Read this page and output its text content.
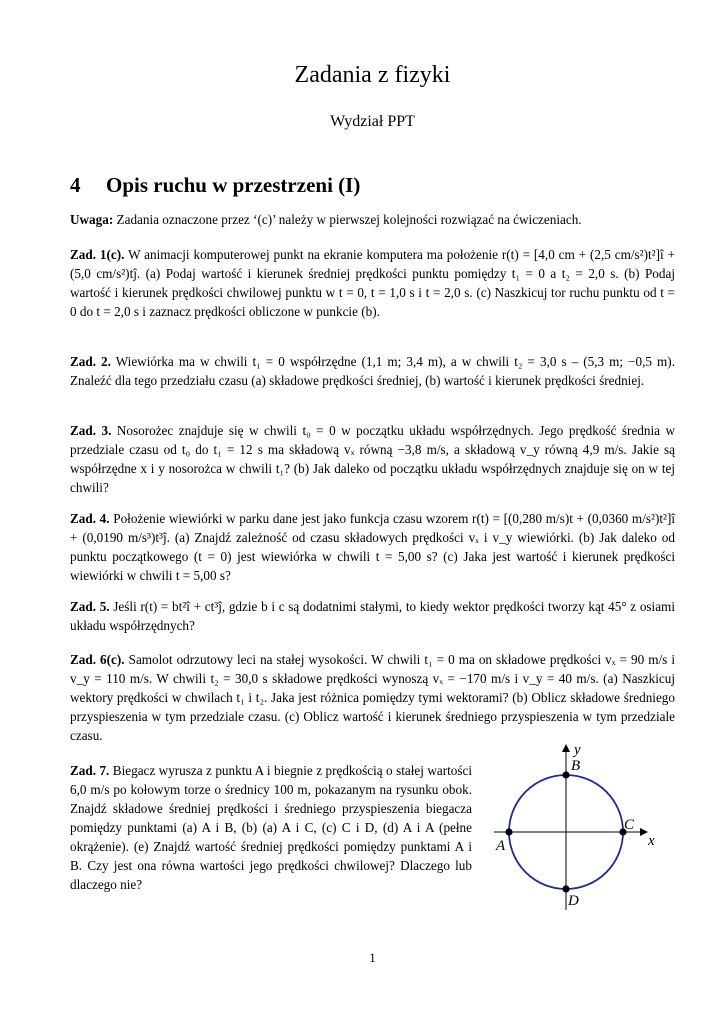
Zadania z fizyki
Wydział PPT
4 Opis ruchu w przestrzeni (I)
Uwaga: Zadania oznaczone przez ‘(c)’ należy w pierwszej kolejności rozwiązać na ćwiczeniach.
Zad. 1(c). W animacji komputerowej punkt na ekranie komputera ma położenie r(t) = [4,0 cm + (2,5 cm/s²)t²]î + (5,0 cm/s²)tĵ. (a) Podaj wartość i kierunek średniej prędkości punktu pomiędzy t₁ = 0 a t₂ = 2,0 s. (b) Podaj wartość i kierunek prędkości chwilowej punktu w t = 0, t = 1,0 s i t = 2,0 s. (c) Naszkicuj tor ruchu punktu od t = 0 do t = 2,0 s i zaznacz prędkości obliczone w punkcie (b).
Zad. 2. Wiewiórka ma w chwili t₁ = 0 współrzędne (1,1 m; 3,4 m), a w chwili t₂ = 3,0 s – (5,3 m; −0,5 m). Znaleźć dla tego przedziału czasu (a) składowe prędkości średniej, (b) wartość i kierunek prędkości średniej.
Zad. 3. Nosorożec znajduje się w chwili t₀ = 0 w początku układu współrzędnych. Jego prędkość średnia w przedziale czasu od t₀ do t₁ = 12 s ma składową vₓ równą −3,8 m/s, a składową v_y równą 4,9 m/s. Jakie są współrzędne x i y nosorożca w chwili t₁? (b) Jak daleko od początku układu współrzędnych znajduje się on w tej chwili?
Zad. 4. Położenie wiewiórki w parku dane jest jako funkcja czasu wzorem r(t) = [(0,280 m/s)t + (0,0360 m/s²)t²]î + (0,0190 m/s³)t³ĵ. (a) Znajdź zależność od czasu składowych prędkości vₓ i v_y wiewiórki. (b) Jak daleko od punktu początkowego (t = 0) jest wiewiórka w chwili t = 5,00 s? (c) Jaka jest wartość i kierunek prędkości wiewiórki w chwili t = 5,00 s?
Zad. 5. Jeśli r(t) = bt²î + ct³ĵ, gdzie b i c są dodatnimi stałymi, to kiedy wektor prędkości tworzy kąt 45° z osiami układu współrzędnych?
Zad. 6(c). Samolot odrzutowy leci na stałej wysokości. W chwili t₁ = 0 ma on składowe prędkości vₓ = 90 m/s i v_y = 110 m/s. W chwili t₂ = 30,0 s składowe prędkości wynoszą vₓ = −170 m/s i v_y = 40 m/s. (a) Naszkicuj wektory prędkości w chwilach t₁ i t₂. Jaka jest różnica pomiędzy tymi wektorami? (b) Oblicz składowe średniego przyspieszenia w tym przedziale czasu. (c) Oblicz wartość i kierunek średniego przyspieszenia w tym przedziale czasu.
Zad. 7. Biegacz wyrusza z punktu A i biegnie z prędkością o stałej wartości 6,0 m/s po kołowym torze o średnicy 100 m, pokazanym na rysunku obok. Znajdź składowe średniej prędkości i średniego przyspieszenia biegacza pomiędzy punktami (a) A i B, (b) (a) A i C, (c) C i D, (d) A i A (pełne okrążenie). (e) Znajdź wartość średniej prędkości pomiędzy punktami A i B. Czy jest ona równa wartości jego prędkości chwilowej? Dlaczego lub dlaczego nie?
y
x
A
B
C
D
1
